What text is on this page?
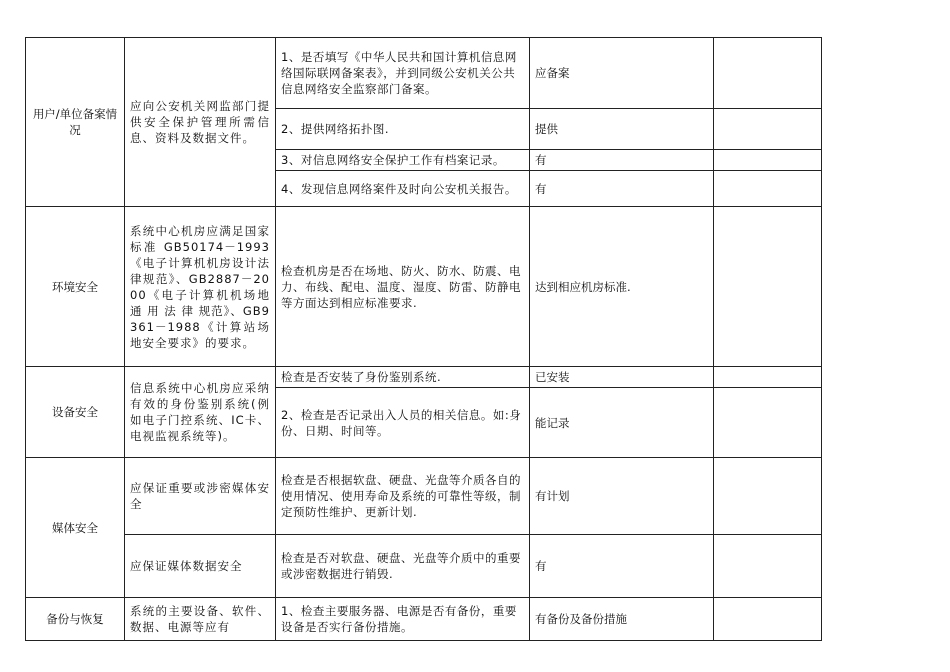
用户/单位备案情况	应向公安机关网监部门提供安全保护管理所需信息、资料及数据文件。	1、是否填写《中华人民共和国计算机信息网络国际联网备案表》，并到同级公安机关公共信息网络安全监察部门备案。	应备案	
		2、提供网络拓扑图.	提供	
		3、对信息网络安全保护工作有档案记录。	有	
		4、发现信息网络案件及时向公安机关报告。	有	
环境安全	系统中心机房应满足国家标准 GB50174－1993《电子计算机机房设计法律规范》、GB2887－2000《电子计算机机场地 通 用 法 律 规范》、GB9361－1988《计算站场地安全要求》的要求。	检查机房是否在场地、防火、防水、防震、电力、布线、配电、温度、湿度、防雷、防静电等方面达到相应标准要求.	达到相应机房标准.	
设备安全	信息系统中心机房应采纳有效的身份鉴别系统(例如电子门控系统、IC卡、电视监视系统等)。	检查是否安装了身份鉴别系统.	已安装	
		2、检查是否记录出入人员的相关信息。如:身份、日期、时间等。	能记录	
媒体安全	应保证重要或涉密媒体安全	检查是否根据软盘、硬盘、光盘等介质各自的使用情况、使用寿命及系统的可靠性等级，制定预防性维护、更新计划.	有计划	
	应保证媒体数据安全	检查是否对软盘、硬盘、光盘等介质中的重要或涉密数据进行销毁.	有	
备份与恢复	系统的主要设备、软件、数据、电源等应有	1、检查主要服务器、电源是否有备份，重要设备是否实行备份措施。	有备份及备份措施	
